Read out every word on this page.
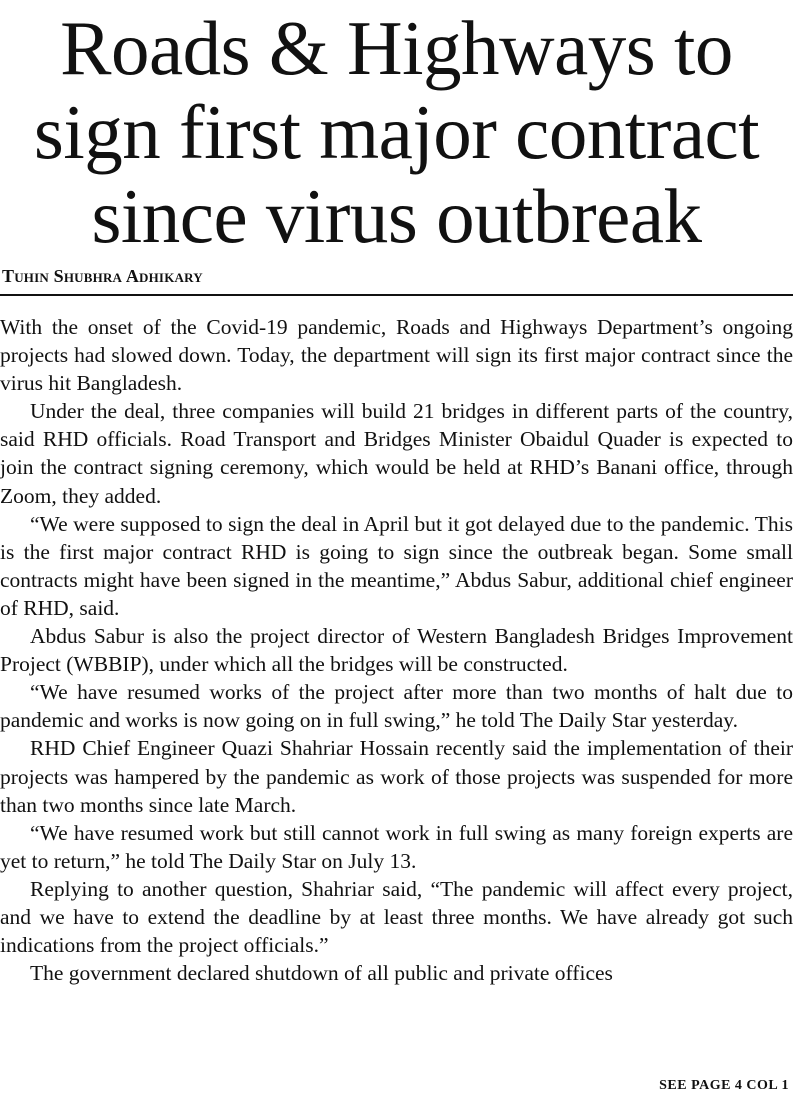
Roads & Highways to
sign first major contract
since virus outbreak
Tuhin Shubhra Adhikary

With the onset of the Covid-19 pandemic, Roads and Highways Department’s ongoing projects had slowed down. Today, the department will sign its first major contract since the virus hit Bangladesh.

Under the deal, three companies will build 21 bridges in different parts of the country, said RHD officials. Road Transport and Bridges Minister Obaidul Quader is expected to join the contract signing ceremony, which would be held at RHD’s Banani office, through Zoom, they added.

“We were supposed to sign the deal in April but it got delayed due to the pandemic. This is the first major contract RHD is going to sign since the outbreak began. Some small contracts might have been signed in the meantime,” Abdus Sabur, additional chief engineer of RHD, said.

Abdus Sabur is also the project director of Western Bangladesh Bridges Improvement Project (WBBIP), under which all the bridges will be constructed.

“We have resumed works of the project after more than two months of halt due to pandemic and works is now going on in full swing,” he told The Daily Star yesterday.

RHD Chief Engineer Quazi Shahriar Hossain recently said the implementation of their projects was hampered by the pandemic as work of those projects was suspended for more than two months since late March.

“We have resumed work but still cannot work in full swing as many foreign experts are yet to return,” he told The Daily Star on July 13.

Replying to another question, Shahriar said, “The pandemic will affect every project, and we have to extend the deadline by at least three months. We have already got such indications from the project officials.”

The government declared shutdown of all public and private offices

SEE PAGE 4 COL 1
